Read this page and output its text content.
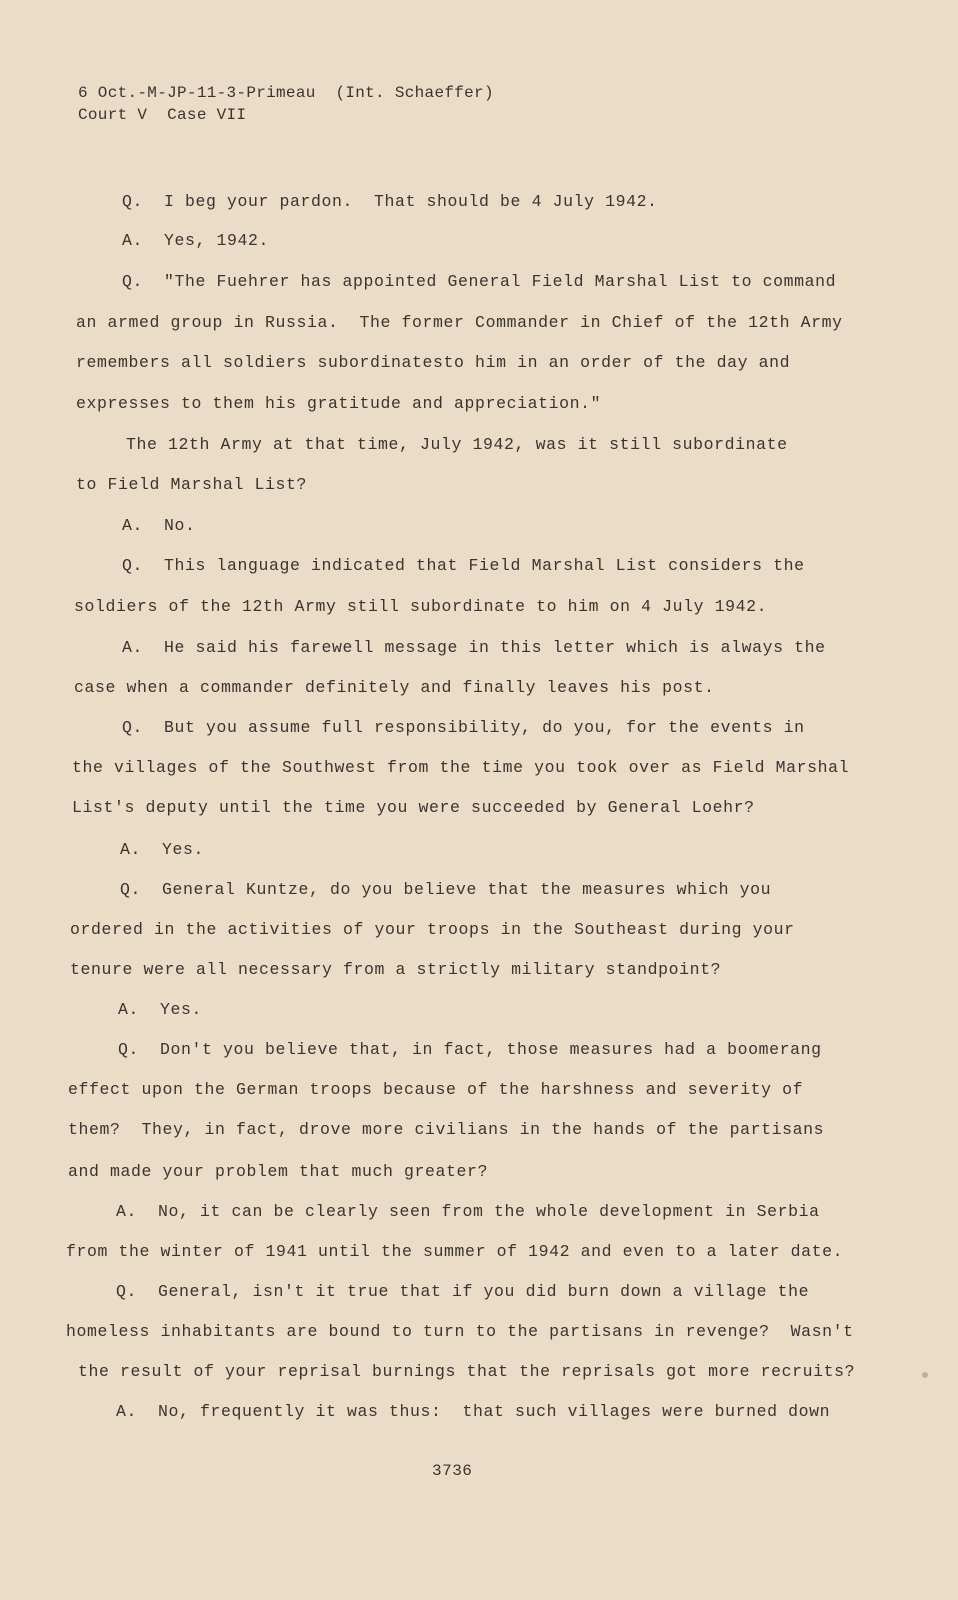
6 Oct.-M-JP-11-3-Primeau  (Int. Schaeffer)
Court V  Case VII
Q.  I beg your pardon.  That should be 4 July 1942.
A.  Yes, 1942.
Q.  "The Fuehrer has appointed General Field Marshal List to command
an armed group in Russia.  The former Commander in Chief of the 12th Army
remembers all soldiers subordinatesto him in an order of the day and
expresses to them his gratitude and appreciation."
The 12th Army at that time, July 1942, was it still subordinate
to Field Marshal List?
A.  No.
Q.  This language indicated that Field Marshal List considers the
soldiers of the 12th Army still subordinate to him on 4 July 1942.
A.  He said his farewell message in this letter which is always the
case when a commander definitely and finally leaves his post.
Q.  But you assume full responsibility, do you, for the events in
the villages of the Southwest from the time you took over as Field Marshal
List's deputy until the time you were succeeded by General Loehr?
A.  Yes.
Q.  General Kuntze, do you believe that the measures which you
ordered in the activities of your troops in the Southeast during your
tenure were all necessary from a strictly military standpoint?
A.  Yes.
Q.  Don't you believe that, in fact, those measures had a boomerang
effect upon the German troops because of the harshness and severity of
them?  They, in fact, drove more civilians in the hands of the partisans
and made your problem that much greater?
A.  No, it can be clearly seen from the whole development in Serbia
from the winter of 1941 until the summer of 1942 and even to a later date.
Q.  General, isn't it true that if you did burn down a village the
homeless inhabitants are bound to turn to the partisans in revenge?  Wasn't
the result of your reprisal burnings that the reprisals got more recruits?
A.  No, frequently it was thus:  that such villages were burned down
3736
